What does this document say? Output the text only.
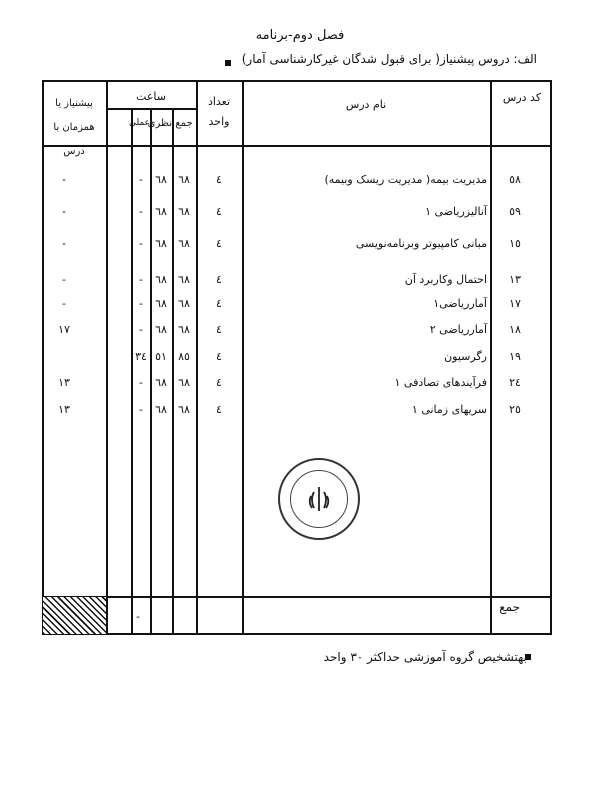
فصل دوم-برنامه
الف: دروس پیشنیاز( برای قبول شدگان غیرکارشناسی آمار)
کد درس
نام درس
تعداد واحد
ساعت
جمع
نظری
عملی
پیشنیاز یا همزمان با درس
٥٨
مدیریت بیمه( مدیریت ریسک وبیمه)
٤
٦٨
٦٨
-
-
٥٩
آنالیزریاضی ١
٤
٦٨
٦٨
-
-
١٥
مبانی کامپیوتر وبرنامه‌نویسی
٤
٦٨
٦٨
-
-
١٣
احتمال وکاربرد آن
٤
٦٨
٦٨
-
-
١٧
آمارریاضی١
٤
٦٨
٦٨
-
-
١٨
آمارریاضی ٢
٤
٦٨
٦٨
-
١٧
١٩
رگرسیون
٤
٨٥
٥١
٣٤
٢٤
فرآیندهای تصادفی ١
٤
٦٨
٦٨
-
١٣
٢٥
سریهای زمانی ١
٤
٦٨
٦٨
-
١٣
جمع
-
بهتشخیص گروه آموزشی حداکثر ٣٠ واحد
